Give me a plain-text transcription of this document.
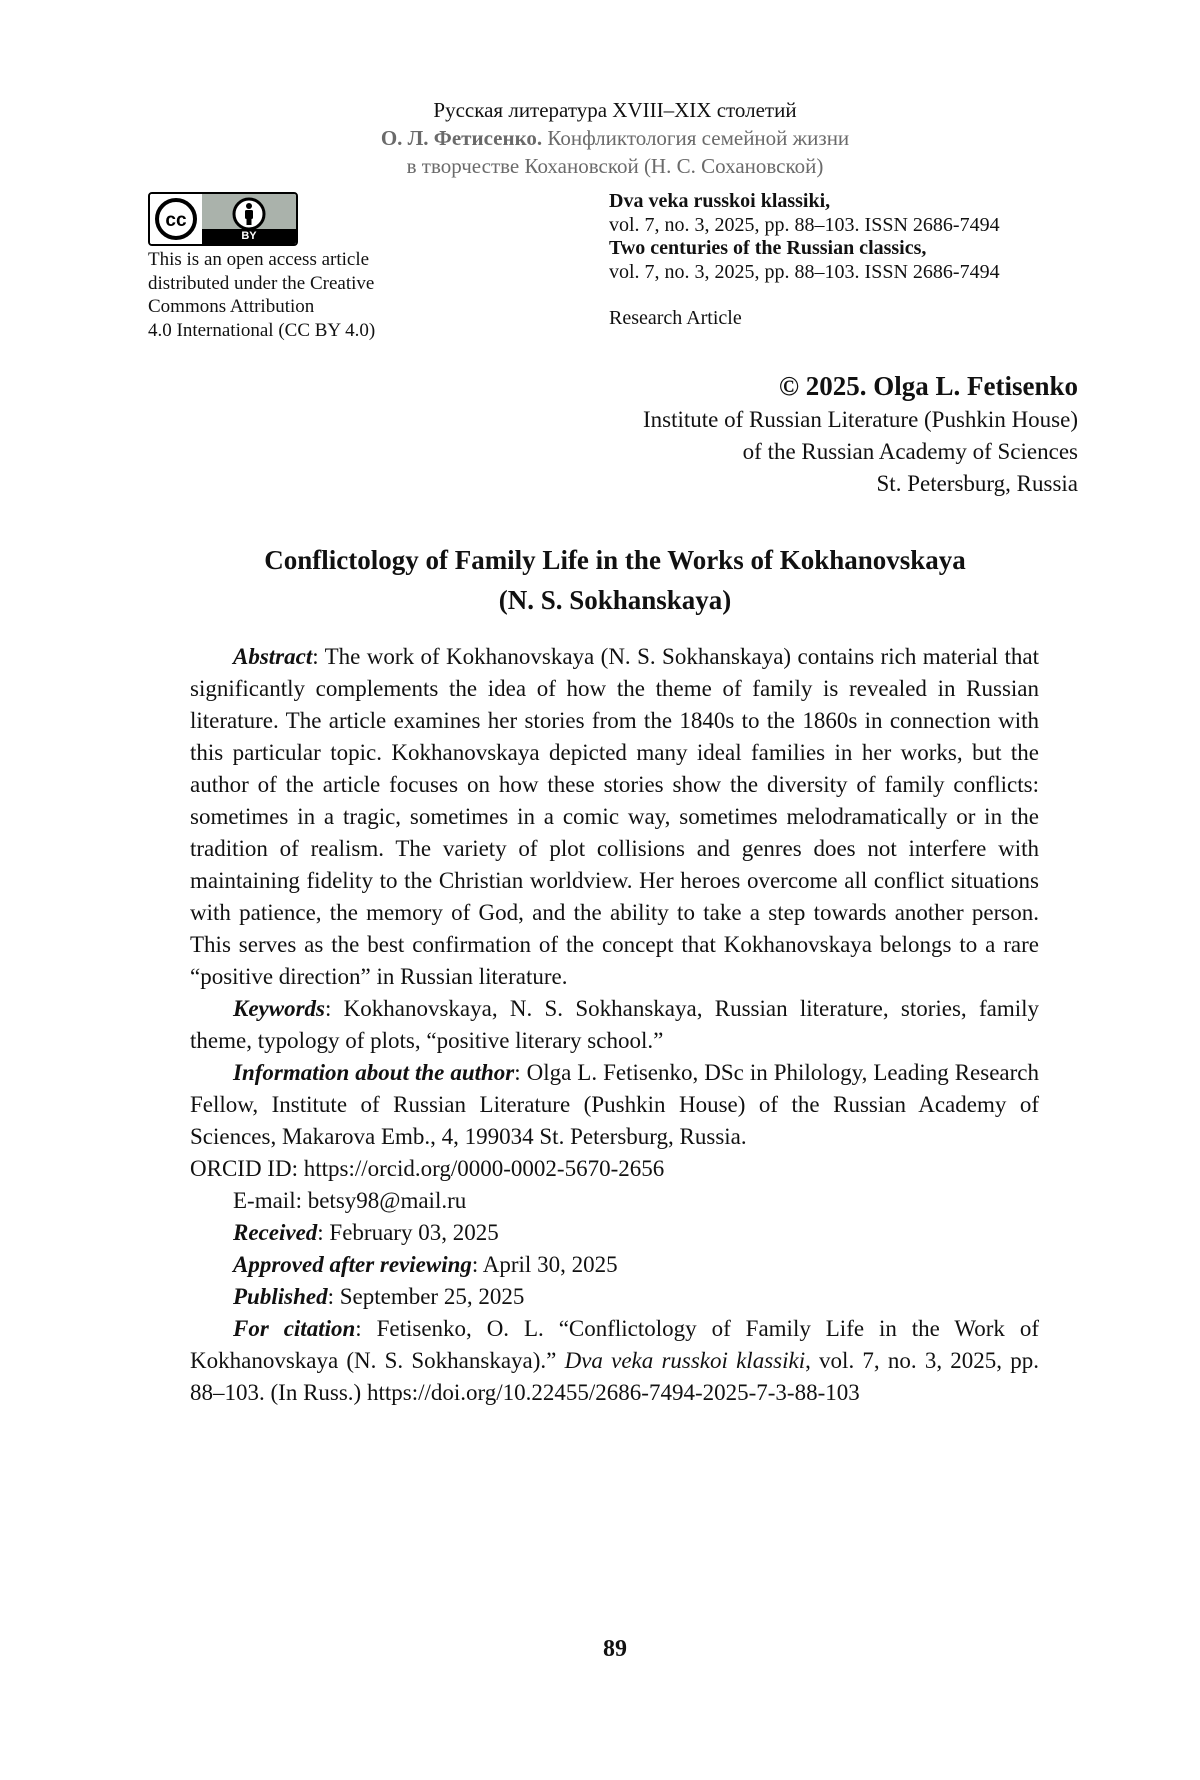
Русская литература XVIII–XIX столетий
О. Л. Фетисенко. Конфликтология семейной жизни
в творчестве Кохановской (Н. С. Сохановской)
cc
BY
This is an open access article
distributed under the Creative
Commons Attribution
4.0 International (CC BY 4.0)
Dva veka russkoi klassiki,
vol. 7, no. 3, 2025, pp. 88–103. ISSN 2686-7494
Two centuries of the Russian classics,
vol. 7, no. 3, 2025, pp. 88–103. ISSN 2686-7494
Research Article
© 2025. Olga L. Fetisenko
Institute of Russian Literature (Pushkin House)
of the Russian Academy of Sciences
St. Petersburg, Russia
Conflictology of Family Life in the Works of Kokhanovskaya
(N. S. Sokhanskaya)

Abstract: The work of Kokhanovskaya (N. S. Sokhanskaya) contains rich material that significantly complements the idea of how the theme of family is revealed in Russian literature. The article examines her stories from the 1840s to the 1860s in connection with this particular topic. Kokhanovskaya depicted many ideal families in her works, but the author of the article focuses on how these stories show the diversity of family conflicts: sometimes in a tragic, sometimes in a comic way, sometimes melodramatically or in the tradition of realism. The variety of plot collisions and genres does not interfere with maintaining fidelity to the Christian worldview. Her heroes overcome all conflict situations with patience, the memory of God, and the ability to take a step towards another person. This serves as the best confirmation of the concept that Kokhanovskaya belongs to a rare “positive direction” in Russian literature.

Keywords: Kokhanovskaya, N. S. Sokhanskaya, Russian literature, stories, family theme, typology of plots, “positive literary school.”

Information about the author: Olga L. Fetisenko, DSc in Philology, Leading Research Fellow, Institute of Russian Literature (Pushkin House) of the Russian Academy of Sciences, Makarova Emb., 4, 199034 St. Petersburg, Russia.
ORCID ID: https://orcid.org/0000-0002-5670-2656

E-mail: betsy98@mail.ru

Received: February 03, 2025

Approved after reviewing: April 30, 2025

Published: September 25, 2025

For citation: Fetisenko, O. L. “Conflictology of Family Life in the Work of Kokhanovskaya (N. S. Sokhanskaya).” Dva veka russkoi klassiki, vol. 7, no. 3, 2025, pp. 88–103. (In Russ.) https://doi.org/10.22455/2686-7494-2025-7-3-88-103

89
